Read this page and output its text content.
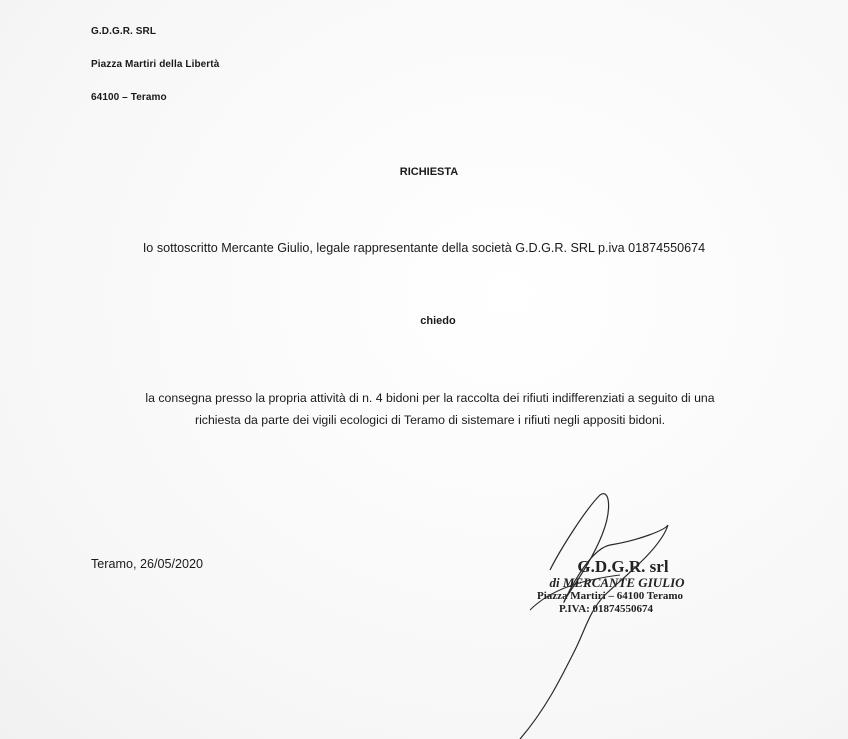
G.D.G.R. SRL
Piazza Martiri della Libertà
64100 – Teramo
RICHIESTA
Io sottoscritto Mercante Giulio, legale rappresentante della società G.D.G.R. SRL p.iva 01874550674
chiedo
la consegna presso la propria attività di n. 4 bidoni per la raccolta dei rifiuti indifferenziati a seguito di una
richiesta da parte dei vigili ecologici di Teramo di sistemare i rifiuti negli appositi bidoni.
Teramo, 26/05/2020	G.D.G.R. srl
di MERCANTE GIULIO
Piazza Martiri – 64100 Teramo
P.IVA: 01874550674
